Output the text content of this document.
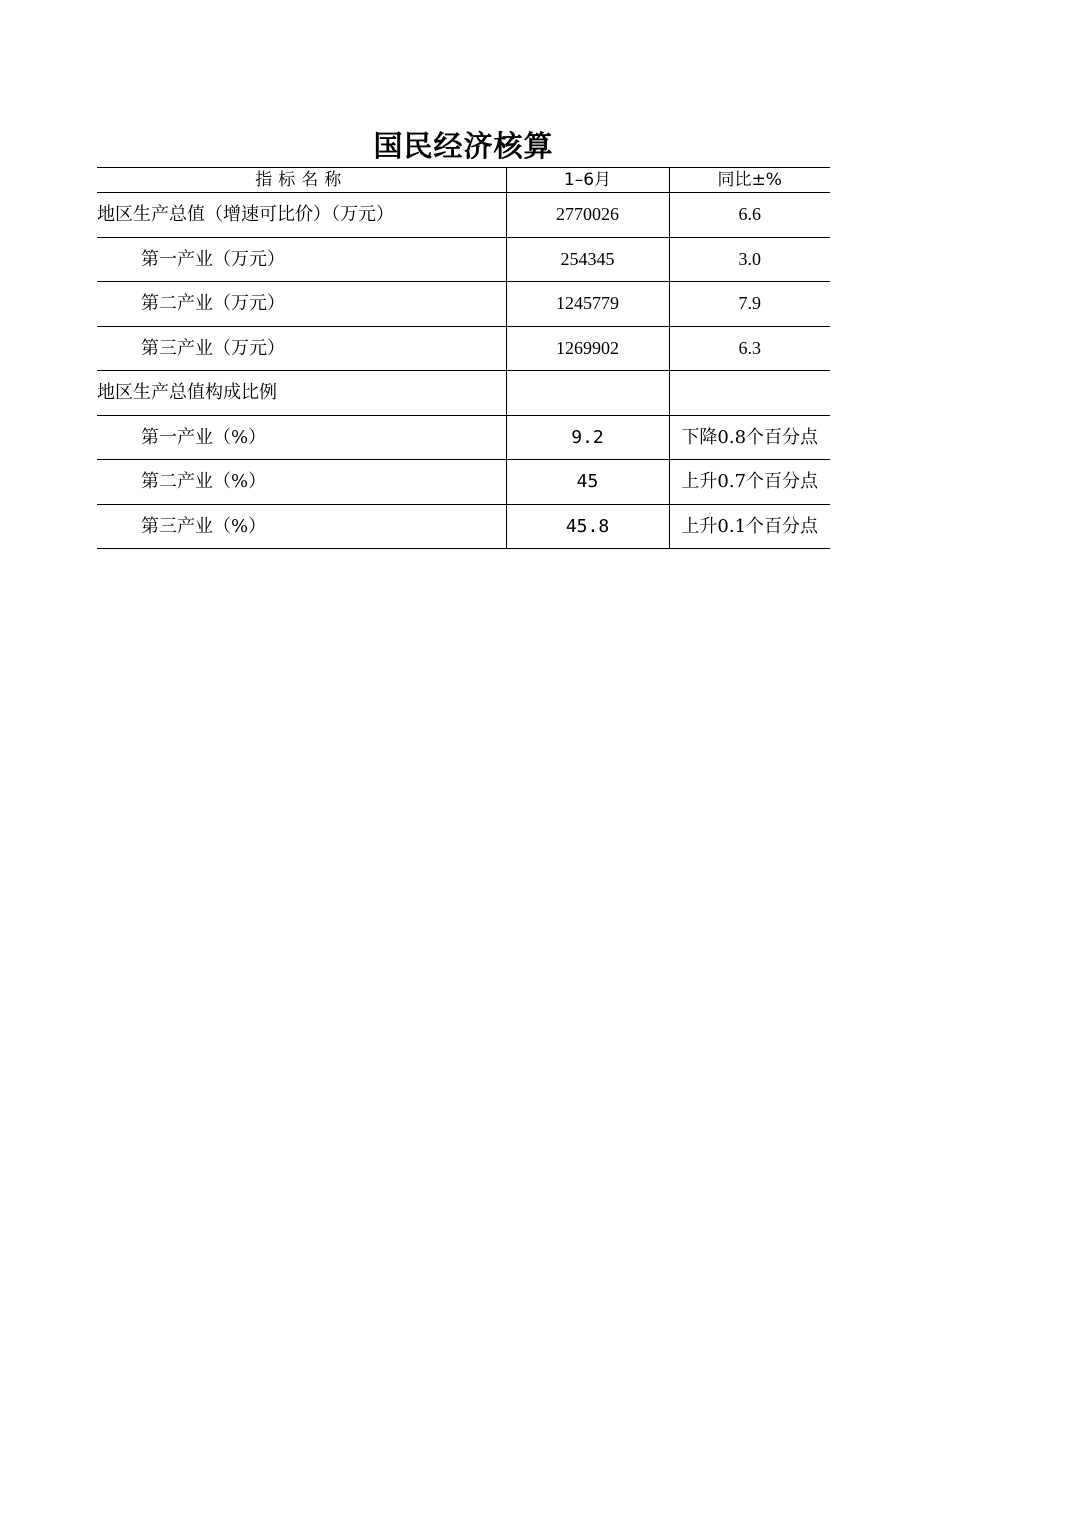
国民经济核算
指标名称	1–6月	同比±%
地区生产总值（增速可比价）（万元）	2770026	6.6
第一产业（万元）	254345	3.0
第二产业（万元）	1245779	7.9
第三产业（万元）	1269902	6.3
地区生产总值构成比例		
第一产业（%）	9.2	下降0.8个百分点
第二产业（%）	45	上升0.7个百分点
第三产业（%）	45.8	上升0.1个百分点
